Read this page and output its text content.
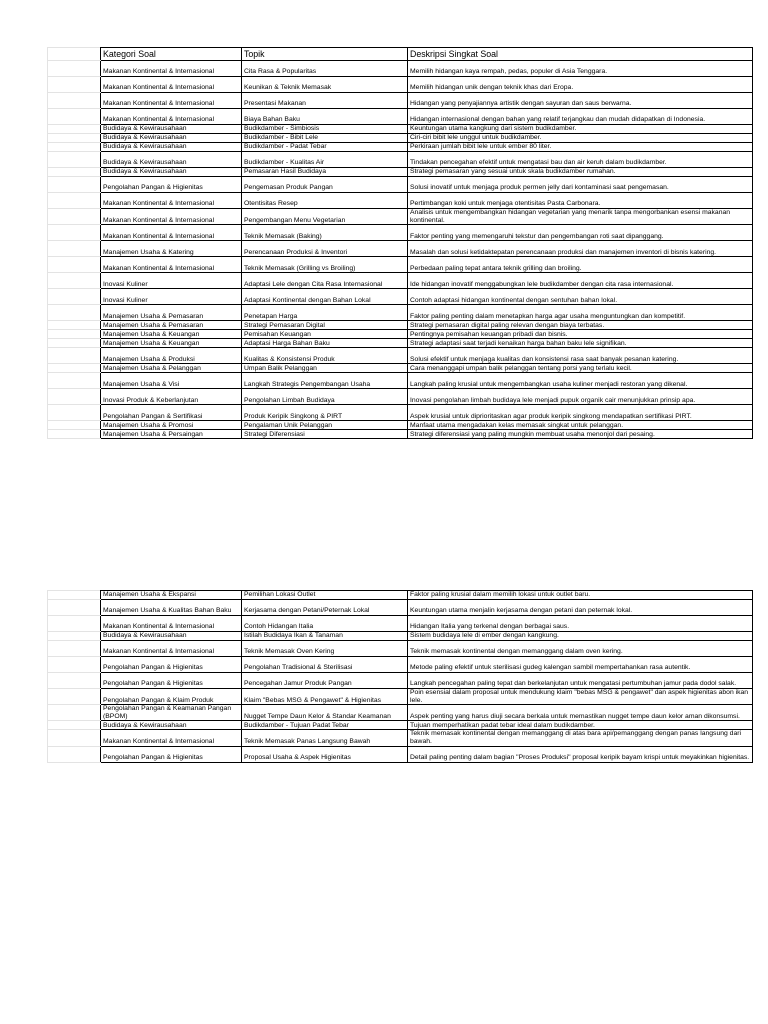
	Kategori Soal	Topik	Deskripsi Singkat Soal
	Makanan Kontinental & Internasional	Cita Rasa & Popularitas	Memilih hidangan kaya rempah, pedas, populer di Asia Tenggara.
	Makanan Kontinental & Internasional	Keunikan & Teknik Memasak	Memilih hidangan unik dengan teknik khas dari Eropa.
	Makanan Kontinental & Internasional	Presentasi Makanan	Hidangan yang penyajiannya artistik dengan sayuran dan saus berwarna.
	Makanan Kontinental & Internasional	Biaya Bahan Baku	Hidangan internasional dengan bahan yang relatif terjangkau dan mudah didapatkan di Indonesia.
	Budidaya & Kewirausahaan	Budikdamber - Simbiosis	Keuntungan utama kangkung dari sistem budikdamber.
	Budidaya & Kewirausahaan	Budikdamber - Bibit Lele	Ciri-ciri bibit lele unggul untuk budikdamber.
	Budidaya & Kewirausahaan	Budikdamber - Padat Tebar	Perkiraan jumlah bibit lele untuk ember 80 liter.
	Budidaya & Kewirausahaan	Budikdamber - Kualitas Air	Tindakan pencegahan efektif untuk mengatasi bau dan air keruh dalam budikdamber.
	Budidaya & Kewirausahaan	Pemasaran Hasil Budidaya	Strategi pemasaran yang sesuai untuk skala budikdamber rumahan.
	Pengolahan Pangan & Higienitas	Pengemasan Produk Pangan	Solusi inovatif untuk menjaga produk permen jelly dari kontaminasi saat pengemasan.
	Makanan Kontinental & Internasional	Otentisitas Resep	Pertimbangan koki untuk menjaga otentisitas Pasta Carbonara.
	Makanan Kontinental & Internasional	Pengembangan Menu Vegetarian	Analisis untuk mengembangkan hidangan vegetarian yang menarik tanpa mengorbankan esensi makanan kontinental.
	Makanan Kontinental & Internasional	Teknik Memasak (Baking)	Faktor penting yang memengaruhi tekstur dan pengembangan roti saat dipanggang.
	Manajemen Usaha & Katering	Perencanaan Produksi & Inventori	Masalah dan solusi ketidaktepatan perencanaan produksi dan manajemen inventori di bisnis katering.
	Makanan Kontinental & Internasional	Teknik Memasak (Grilling vs Broiling)	Perbedaan paling tepat antara teknik grilling dan broiling.
	Inovasi Kuliner	Adaptasi Lele dengan Cita Rasa Internasional	Ide hidangan inovatif menggabungkan lele budikdamber dengan cita rasa internasional.
	Inovasi Kuliner	Adaptasi Kontinental dengan Bahan Lokal	Contoh adaptasi hidangan kontinental dengan sentuhan bahan lokal.
	Manajemen Usaha & Pemasaran	Penetapan Harga	Faktor paling penting dalam menetapkan harga agar usaha menguntungkan dan kompetitif.
	Manajemen Usaha & Pemasaran	Strategi Pemasaran Digital	Strategi pemasaran digital paling relevan dengan biaya terbatas.
	Manajemen Usaha & Keuangan	Pemisahan Keuangan	Pentingnya pemisahan keuangan pribadi dan bisnis.
	Manajemen Usaha & Keuangan	Adaptasi Harga Bahan Baku	Strategi adaptasi saat terjadi kenaikan harga bahan baku lele signifikan.
	Manajemen Usaha & Produksi	Kualitas & Konsistensi Produk	Solusi efektif untuk menjaga kualitas dan konsistensi rasa saat banyak pesanan katering.
	Manajemen Usaha & Pelanggan	Umpan Balik Pelanggan	Cara menanggapi umpan balik pelanggan tentang porsi yang terlalu kecil.
	Manajemen Usaha & Visi	Langkah Strategis Pengembangan Usaha	Langkah paling krusial untuk mengembangkan usaha kuliner menjadi restoran yang dikenal.
	Inovasi Produk & Keberlanjutan	Pengolahan Limbah Budidaya	Inovasi pengolahan limbah budidaya lele menjadi pupuk organik cair menunjukkan prinsip apa.
	Pengolahan Pangan & Sertifikasi	Produk Keripik Singkong & PIRT	Aspek krusial untuk diprioritaskan agar produk keripik singkong mendapatkan sertifikasi PIRT.
	Manajemen Usaha & Promosi	Pengalaman Unik Pelanggan	Manfaat utama mengadakan kelas memasak singkat untuk pelanggan.
	Manajemen Usaha & Persaingan	Strategi Diferensiasi	Strategi diferensiasi yang paling mungkin membuat usaha menonjol dari pesaing.
	Manajemen Usaha & Ekspansi	Pemilihan Lokasi Outlet	Faktor paling krusial dalam memilih lokasi untuk outlet baru.
	Manajemen Usaha & Kualitas Bahan Baku	Kerjasama dengan Petani/Peternak Lokal	Keuntungan utama menjalin kerjasama dengan petani dan peternak lokal.
	Makanan Kontinental & Internasional	Contoh Hidangan Italia	Hidangan Italia yang terkenal dengan berbagai saus.
	Budidaya & Kewirausahaan	Istilah Budidaya Ikan & Tanaman	Sistem budidaya lele di ember dengan kangkung.
	Makanan Kontinental & Internasional	Teknik Memasak Oven Kering	Teknik memasak kontinental dengan memanggang dalam oven kering.
	Pengolahan Pangan & Higienitas	Pengolahan Tradisional & Sterilisasi	Metode paling efektif untuk sterilisasi gudeg kalengan sambil mempertahankan rasa autentik.
	Pengolahan Pangan & Higienitas	Pencegahan Jamur Produk Pangan	Langkah pencegahan paling tepat dan berkelanjutan untuk mengatasi pertumbuhan jamur pada dodol salak.
	Pengolahan Pangan & Klaim Produk	Klaim "Bebas MSG & Pengawet" & Higienitas	Poin esensial dalam proposal untuk mendukung klaim "bebas MSG & pengawet" dan aspek higienitas abon ikan lele.
	Pengolahan Pangan & Keamanan Pangan (BPOM)	Nugget Tempe Daun Kelor & Standar Keamanan	Aspek penting yang harus diuji secara berkala untuk memastikan nugget tempe daun kelor aman dikonsumsi.
	Budidaya & Kewirausahaan	Budikdamber - Tujuan Padat Tebar	Tujuan memperhatikan padat tebar ideal dalam budikdamber.
	Makanan Kontinental & Internasional	Teknik Memasak Panas Langsung Bawah	Teknik memasak kontinental dengan memanggang di atas bara api/pemanggang dengan panas langsung dari bawah.
	Pengolahan Pangan & Higienitas	Proposal Usaha & Aspek Higienitas	Detail paling penting dalam bagian "Proses Produksi" proposal keripik bayam krispi untuk meyakinkan higienitas.
